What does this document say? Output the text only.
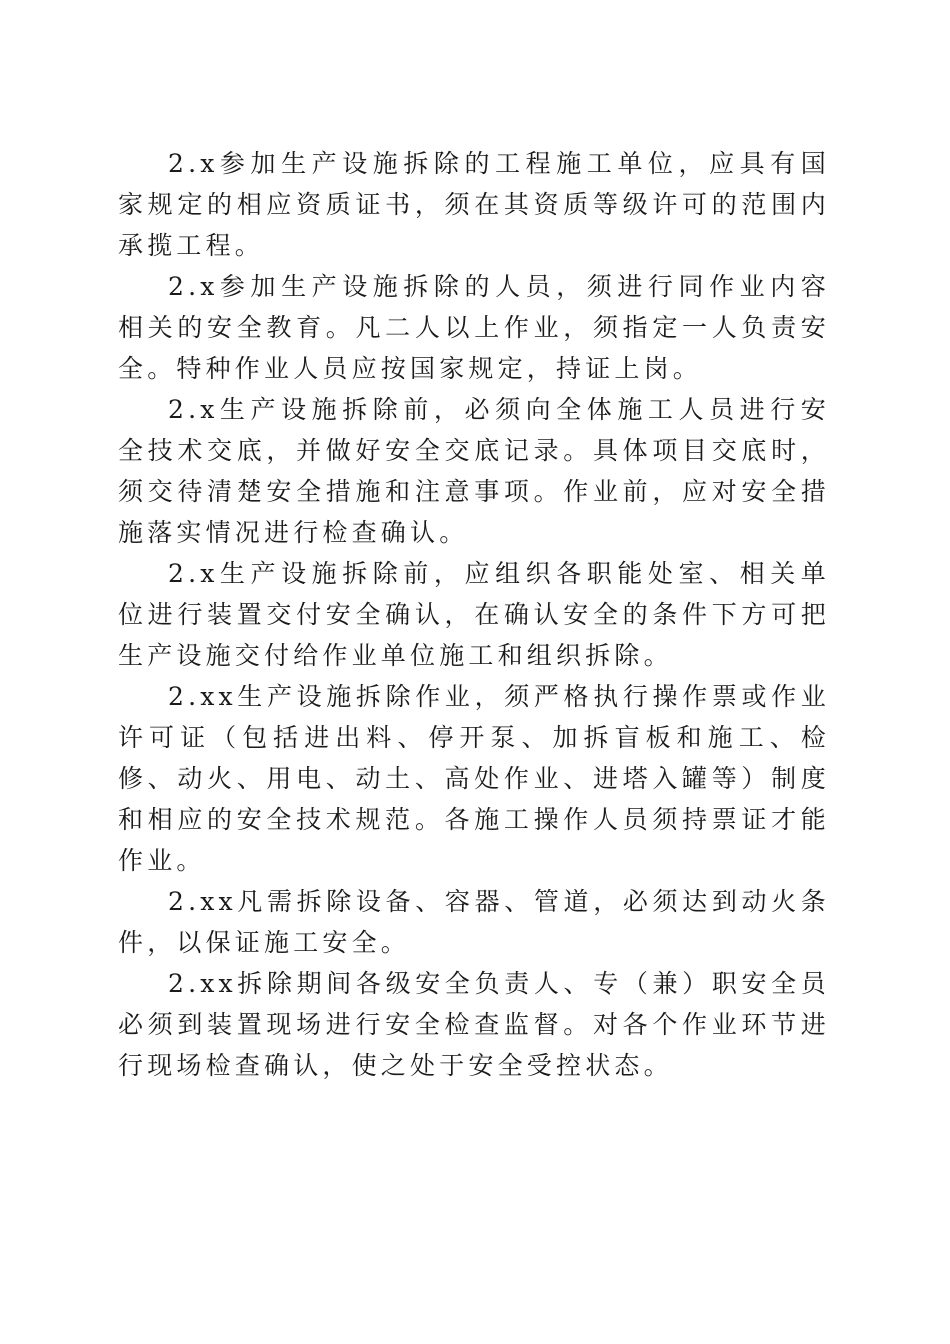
2.x参加生产设施拆除的工程施工单位，应具有国家规定的相应资质证书，须在其资质等级许可的范围内承揽工程。

2.x参加生产设施拆除的人员，须进行同作业内容相关的安全教育。凡二人以上作业，须指定一人负责安全。特种作业人员应按国家规定，持证上岗。

2.x生产设施拆除前，必须向全体施工人员进行安全技术交底，并做好安全交底记录。具体项目交底时，须交待清楚安全措施和注意事项。作业前，应对安全措施落实情况进行检查确认。

2.x生产设施拆除前，应组织各职能处室、相关单位进行装置交付安全确认，在确认安全的条件下方可把生产设施交付给作业单位施工和组织拆除。

2.xx生产设施拆除作业，须严格执行操作票或作业许可证（包括进出料、停开泵、加拆盲板和施工、检修、动火、用电、动土、高处作业、进塔入罐等）制度和相应的安全技术规范。各施工操作人员须持票证才能作业。

2.xx凡需拆除设备、容器、管道，必须达到动火条件，以保证施工安全。

2.xx拆除期间各级安全负责人、专（兼）职安全员必须到装置现场进行安全检查监督。对各个作业环节进行现场检查确认，使之处于安全受控状态。
